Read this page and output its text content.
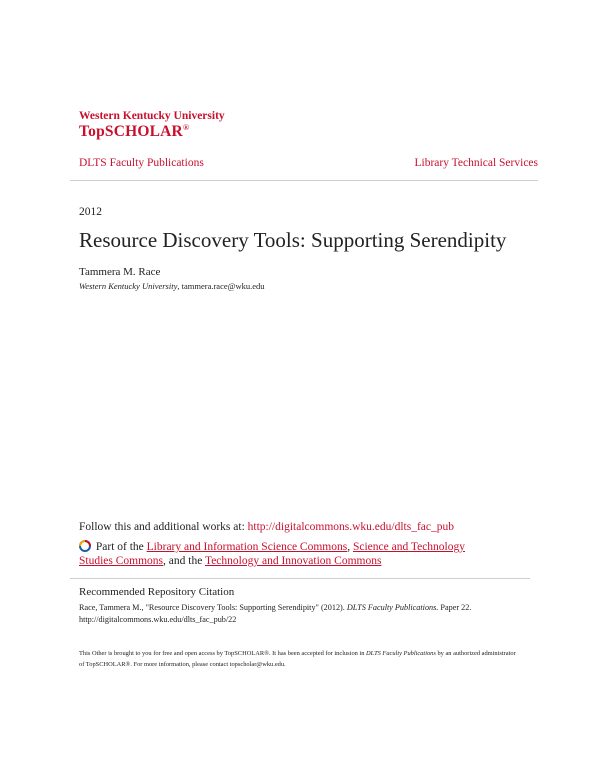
Western Kentucky University
TopSCHOLAR®
DLTS Faculty Publications	Library Technical Services
2012
Resource Discovery Tools: Supporting Serendipity
Tammera M. Race
Western Kentucky University, tammera.race@wku.edu
Follow this and additional works at: http://digitalcommons.wku.edu/dlts_fac_pub
Part of the Library and Information Science Commons, Science and Technology Studies Commons, and the Technology and Innovation Commons
Recommended Repository Citation
Race, Tammera M., "Resource Discovery Tools: Supporting Serendipity" (2012). DLTS Faculty Publications. Paper 22.
http://digitalcommons.wku.edu/dlts_fac_pub/22
This Other is brought to you for free and open access by TopSCHOLAR®. It has been accepted for inclusion in DLTS Faculty Publications by an authorized administrator of TopSCHOLAR®. For more information, please contact topscholar@wku.edu.
